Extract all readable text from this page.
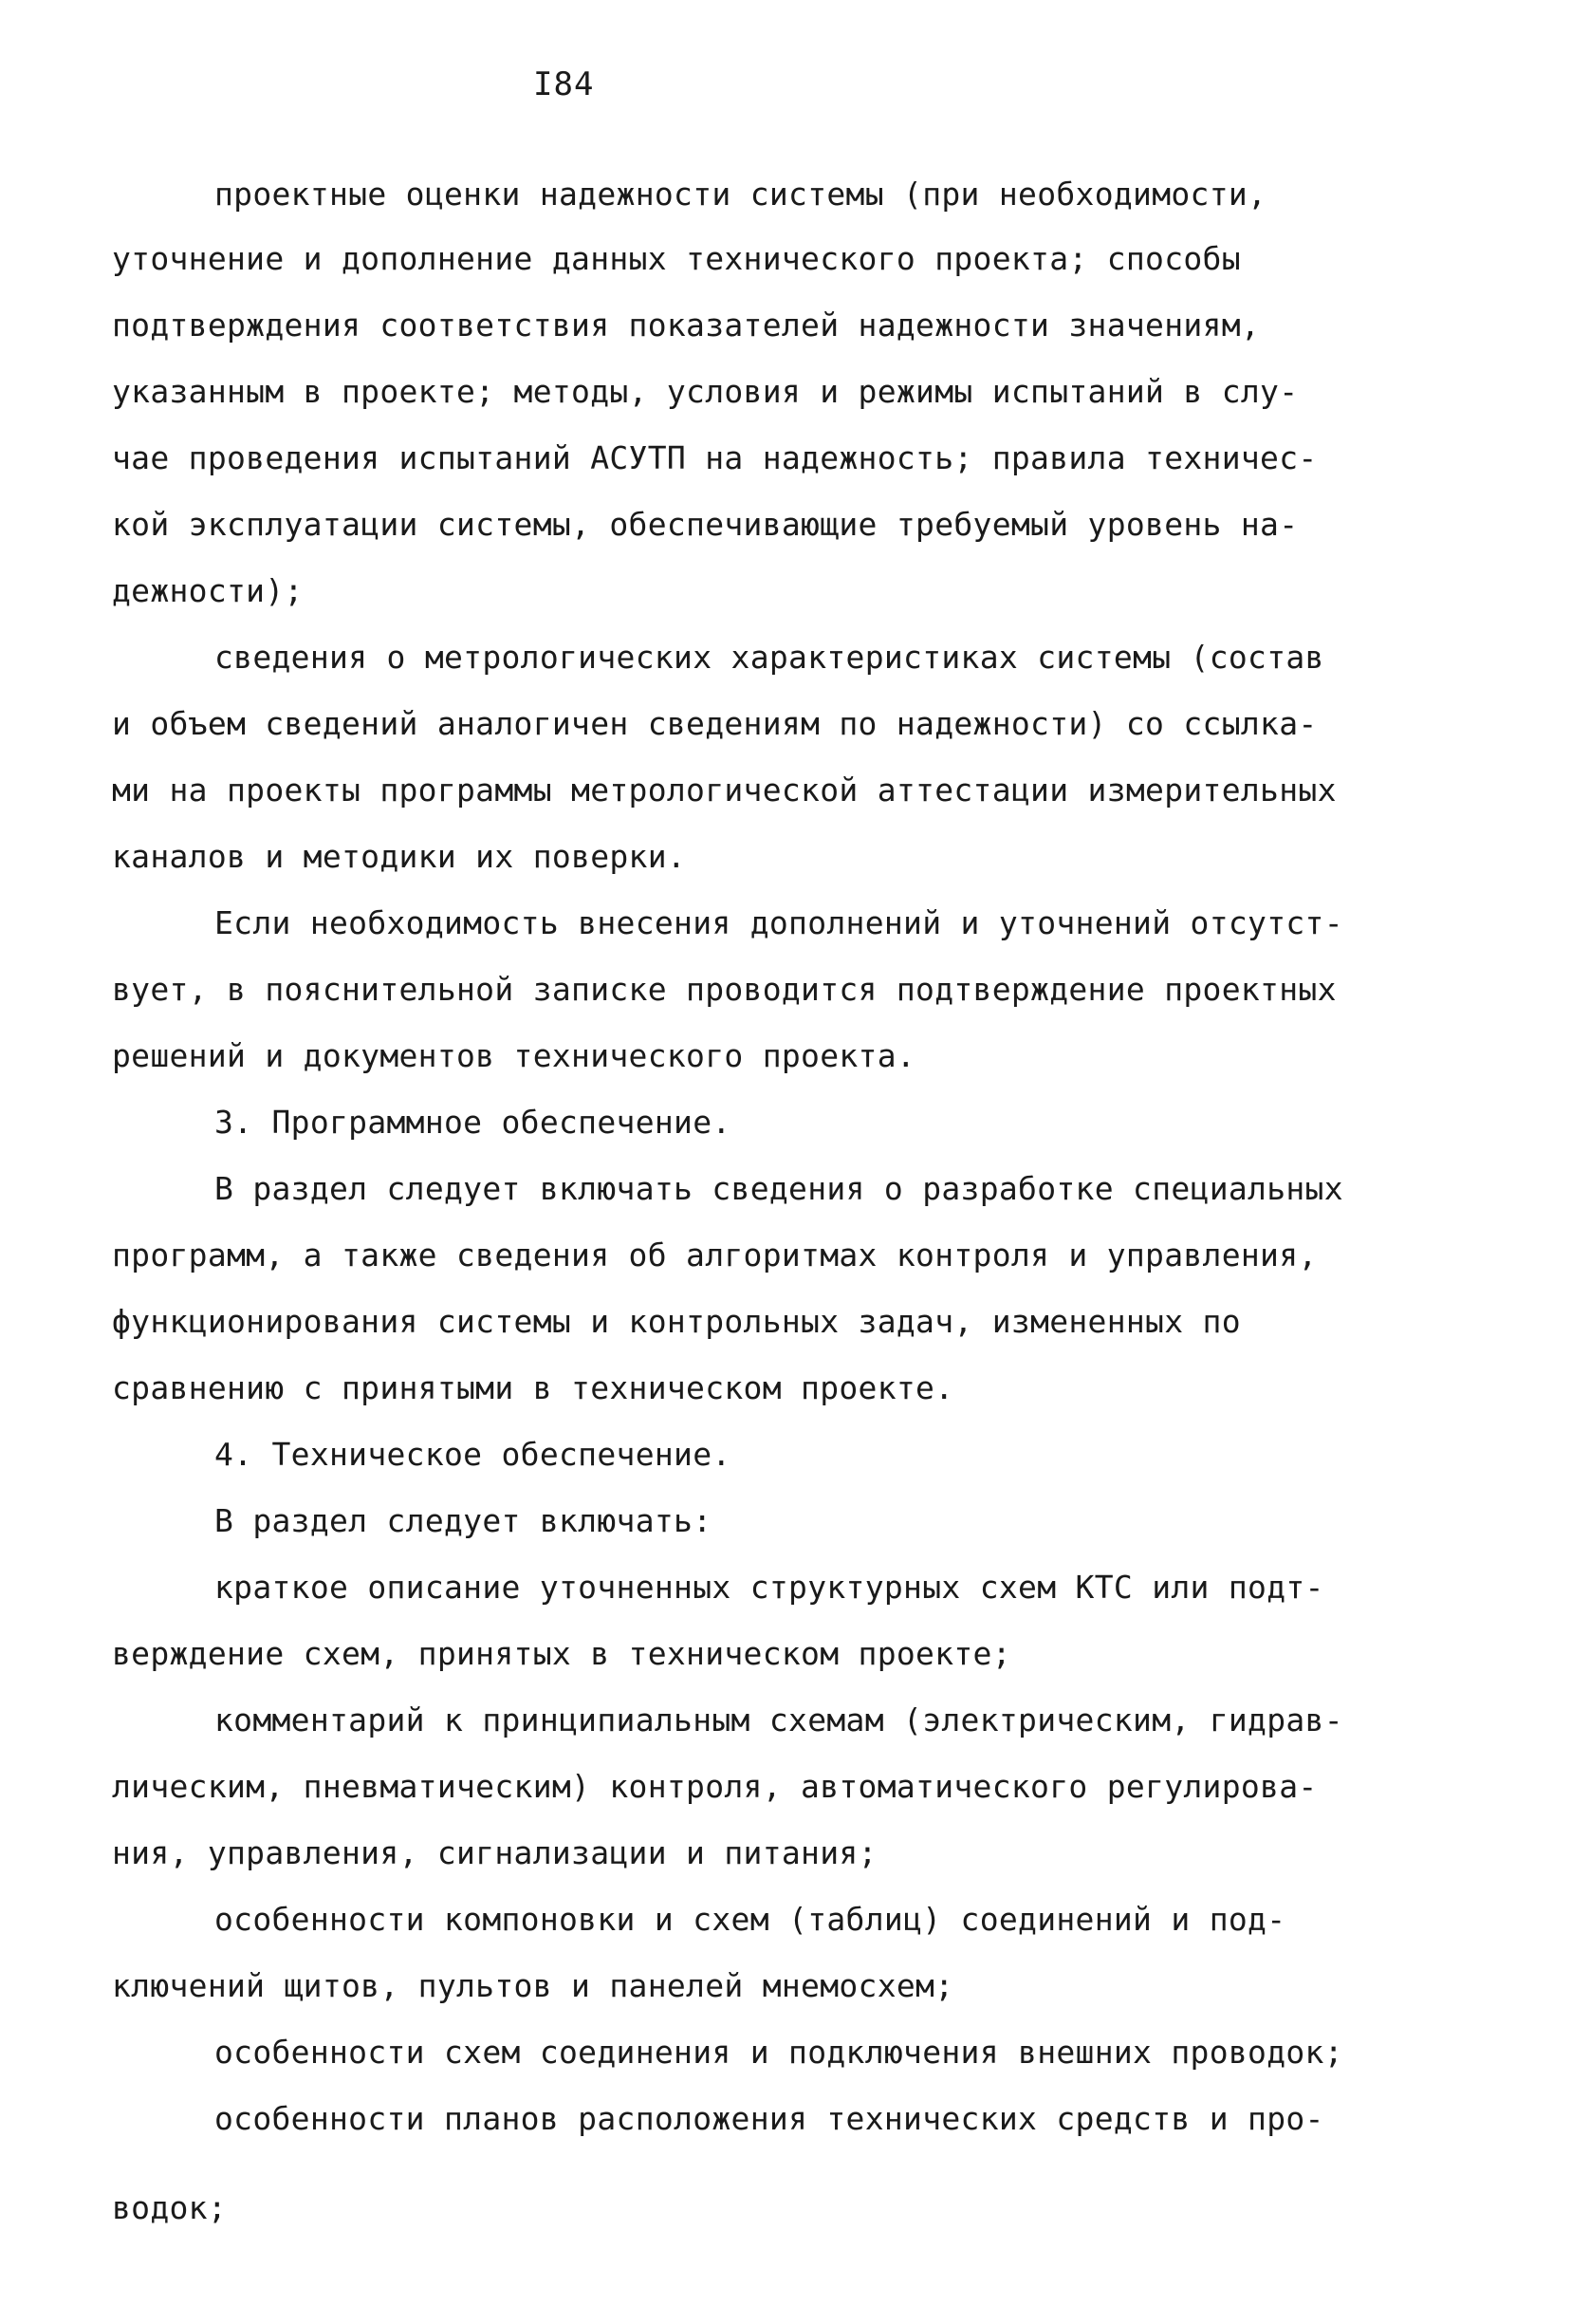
I84
проектные оценки надежности системы (при необходимости,
уточнение и дополнение данных технического проекта; способы
подтверждения соответствия показателей надежности значениям,
указанным в проекте; методы, условия и режимы испытаний в слу-
чае проведения испытаний АСУТП на надежность; правила техничес-
кой эксплуатации системы, обеспечивающие требуемый уровень на-
дежности);
сведения о метрологических характеристиках системы (состав
и объем сведений аналогичен сведениям по надежности) со ссылка-
ми на проекты программы метрологической аттестации измерительных
каналов и методики их поверки.
Если необходимость внесения дополнений и уточнений отсутст-
вует, в пояснительной записке проводится подтверждение проектных
решений и документов технического проекта.
3. Программное обеспечение.
В раздел следует включать сведения о разработке специальных
программ, а также сведения об алгоритмах контроля и управления,
функционирования системы и контрольных задач, измененных по
сравнению с принятыми в техническом проекте.
4. Техническое обеспечение.
В раздел следует включать:
краткое описание уточненных структурных схем КТС или подт-
верждение схем, принятых в техническом проекте;
комментарий к принципиальным схемам (электрическим, гидрав-
лическим, пневматическим) контроля, автоматического регулирова-
ния, управления, сигнализации и питания;
особенности компоновки и схем (таблиц) соединений и под-
ключений щитов, пультов и панелей мнемосхем;
особенности схем соединения и подключения внешних проводок;
особенности планов расположения технических средств и про-
водок;
